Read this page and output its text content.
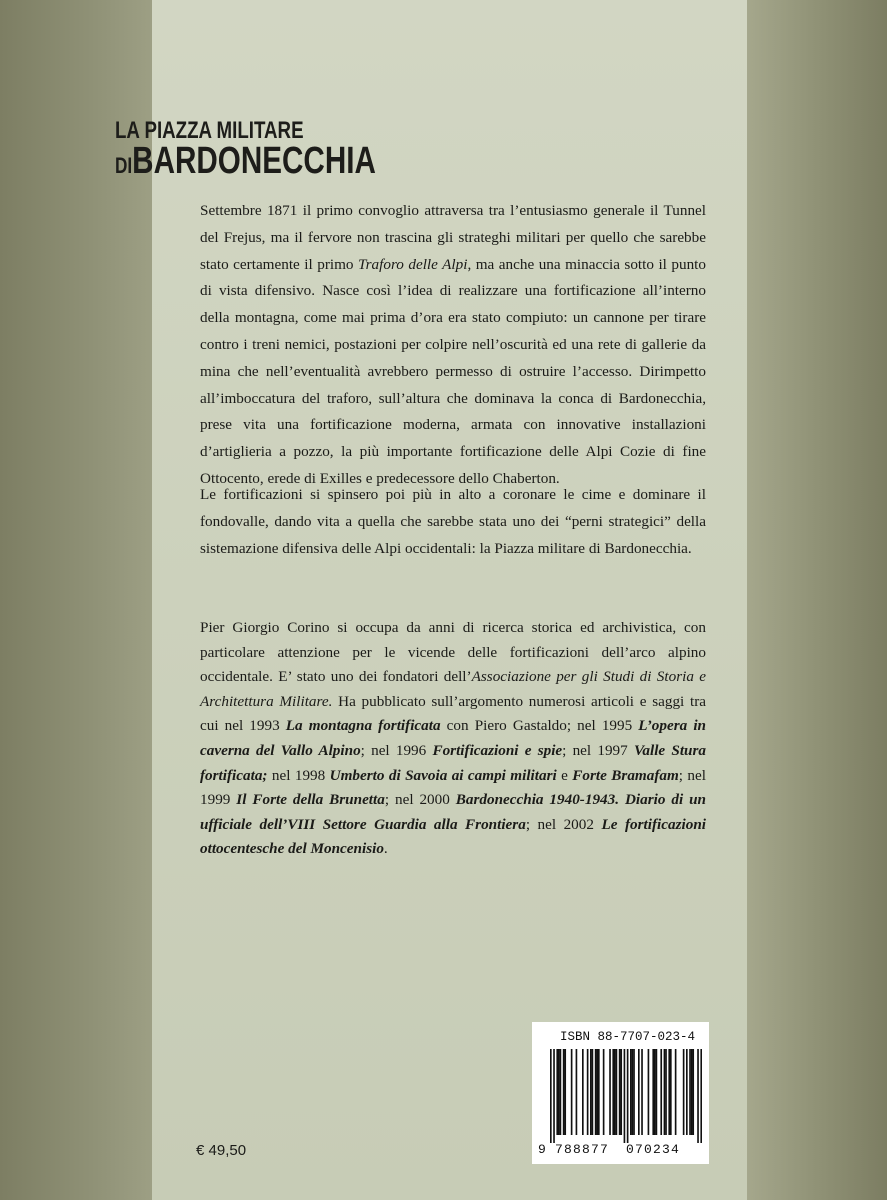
LA PIAZZA MILITARE
DIBARDONECCHIA

Settembre 1871 il primo convoglio attraversa tra l’entusiasmo generale il Tunnel del Frejus, ma il fervore non trascina gli strateghi militari per quello che sarebbe stato certamente il primo Traforo delle Alpi, ma anche una minaccia sotto il punto di vista difensivo. Nasce così l’idea di realizzare una fortificazione all’interno della montagna, come mai prima d’ora era stato compiuto: un cannone per tirare contro i treni nemici, postazioni per colpire nell’oscurità ed una rete di gallerie da mina che nell’eventualità avrebbero permesso di ostruire l’accesso. Dirimpetto all’imboccatura del traforo, sull’altura che dominava la conca di Bardonecchia, prese vita una fortificazione moderna, armata con innovative installazioni d’artiglieria a pozzo, la più importante fortificazione delle Alpi Cozie di fine Ottocento, erede di Exilles e predecessore dello Chaberton.

Le fortificazioni si spinsero poi più in alto a coronare le cime e dominare il fondovalle, dando vita a quella che sarebbe stata uno dei “perni strategici” della sistemazione difensiva delle Alpi occidentali: la Piazza militare di Bardonecchia.

Pier Giorgio Corino si occupa da anni di ricerca storica ed archivistica, con particolare attenzione per le vicende delle fortificazioni dell’arco alpino occidentale. E’ stato uno dei fondatori dell’Associazione per gli Studi di Storia e Architettura Militare. Ha pubblicato sull’argomento numerosi articoli e saggi tra cui nel 1993 La montagna fortificata con Piero Gastaldo; nel 1995 L’opera in caverna del Vallo Alpino; nel 1996 Fortificazioni e spie; nel 1997 Valle Stura fortificata; nel 1998 Umberto di Savoia ai campi militari e Forte Bramafam; nel 1999 Il Forte della Brunetta; nel 2000 Bardonecchia 1940-1943. Diario di un ufficiale dell’VIII Settore Guardia alla Frontiera; nel 2002 Le fortificazioni ottocentesche del Moncenisio.

€ 49,50
ISBN 88-7707-023-4
9 788877 070234
